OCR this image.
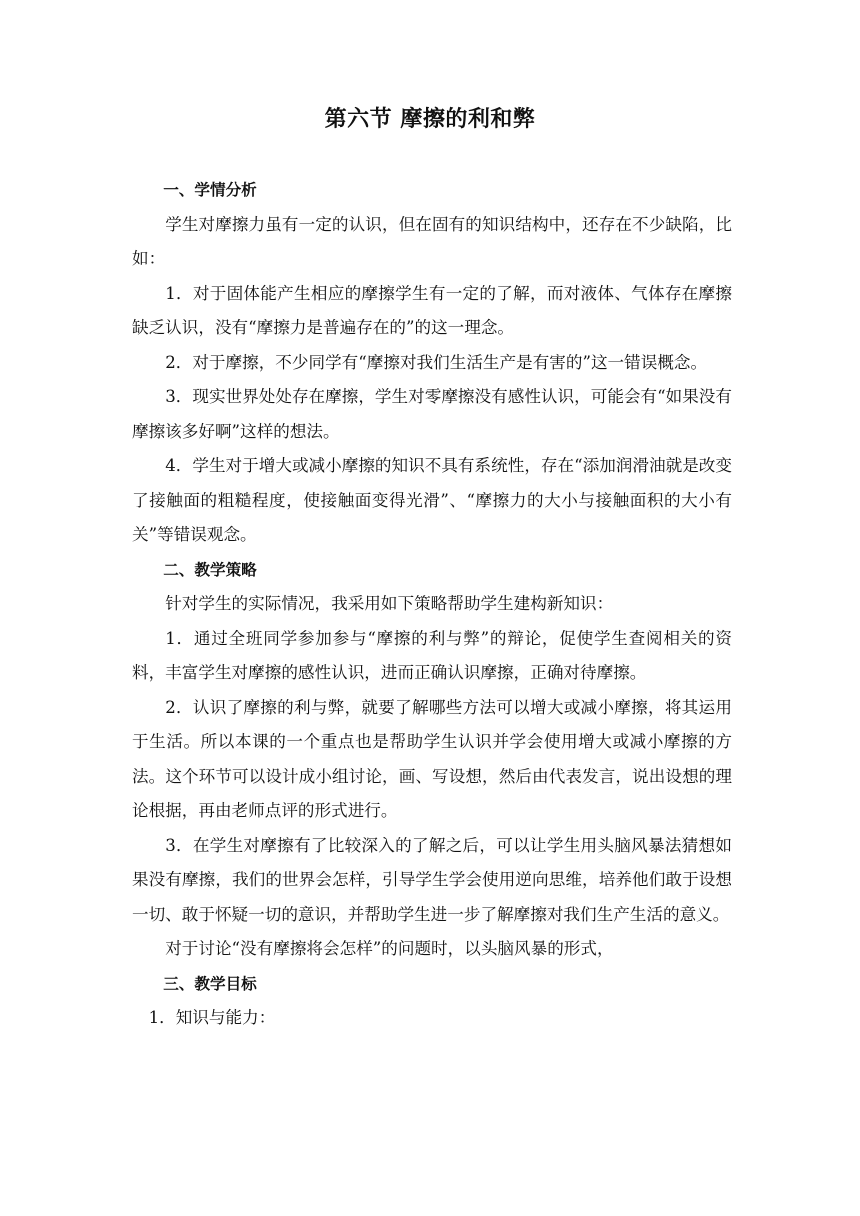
第六节 摩擦的利和弊

一、学情分析

学生对摩擦力虽有一定的认识，但在固有的知识结构中，还存在不少缺陷，比如：

1．对于固体能产生相应的摩擦学生有一定的了解，而对液体、气体存在摩擦缺乏认识，没有“摩擦力是普遍存在的”的这一理念。

2．对于摩擦，不少同学有“摩擦对我们生活生产是有害的”这一错误概念。

3．现实世界处处存在摩擦，学生对零摩擦没有感性认识，可能会有“如果没有摩擦该多好啊”这样的想法。

4．学生对于增大或减小摩擦的知识不具有系统性，存在“添加润滑油就是改变了接触面的粗糙程度，使接触面变得光滑”、“摩擦力的大小与接触面积的大小有关”等错误观念。

二、教学策略

针对学生的实际情况，我采用如下策略帮助学生建构新知识：

1．通过全班同学参加参与“摩擦的利与弊”的辩论，促使学生查阅相关的资料，丰富学生对摩擦的感性认识，进而正确认识摩擦，正确对待摩擦。

2．认识了摩擦的利与弊，就要了解哪些方法可以增大或减小摩擦，将其运用于生活。所以本课的一个重点也是帮助学生认识并学会使用增大或减小摩擦的方法。这个环节可以设计成小组讨论，画、写设想，然后由代表发言，说出设想的理论根据，再由老师点评的形式进行。

3．在学生对摩擦有了比较深入的了解之后，可以让学生用头脑风暴法猜想如果没有摩擦，我们的世界会怎样，引导学生学会使用逆向思维，培养他们敢于设想一切、敢于怀疑一切的意识，并帮助学生进一步了解摩擦对我们生产生活的意义。

对于讨论“没有摩擦将会怎样”的问题时，以头脑风暴的形式，

三、教学目标

1．知识与能力：
